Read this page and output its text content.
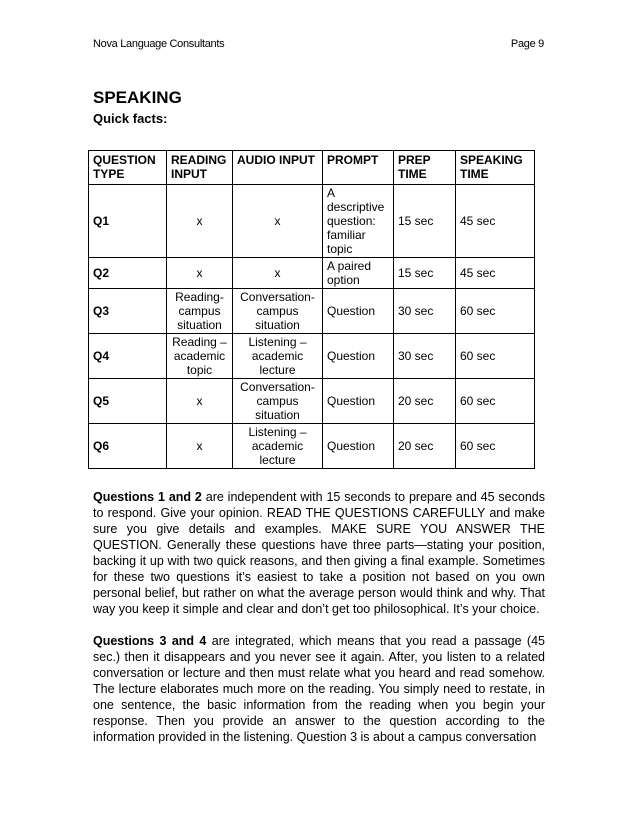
Nova Language Consultants	Page 9
SPEAKING
Quick facts:
QUESTION TYPE	READING INPUT	AUDIO INPUT	PROMPT	PREP TIME	SPEAKING TIME
Q1	x	x	A descriptive question: familiar topic	15 sec	45 sec
Q2	x	x	A paired option	15 sec	45 sec
Q3	Reading-campus situation	Conversation-campus situation	Question	30 sec	60 sec
Q4	Reading – academic topic	Listening – academic lecture	Question	30 sec	60 sec
Q5	x	Conversation-campus situation	Question	20 sec	60 sec
Q6	x	Listening – academic lecture	Question	20 sec	60 sec

Questions 1 and 2 are independent with 15 seconds to prepare and 45 seconds to respond. Give your opinion. READ THE QUESTIONS CAREFULLY and make sure you give details and examples. MAKE SURE YOU ANSWER THE QUESTION. Generally these questions have three parts—stating your position, backing it up with two quick reasons, and then giving a final example. Sometimes for these two questions it’s easiest to take a position not based on you own personal belief, but rather on what the average person would think and why. That way you keep it simple and clear and don’t get too philosophical. It’s your choice.

Questions 3 and 4 are integrated, which means that you read a passage (45 sec.) then it disappears and you never see it again. After, you listen to a related conversation or lecture and then must relate what you heard and read somehow. The lecture elaborates much more on the reading. You simply need to restate, in one sentence, the basic information from the reading when you begin your response. Then you provide an answer to the question according to the information provided in the listening. Question 3 is about a campus conversation
